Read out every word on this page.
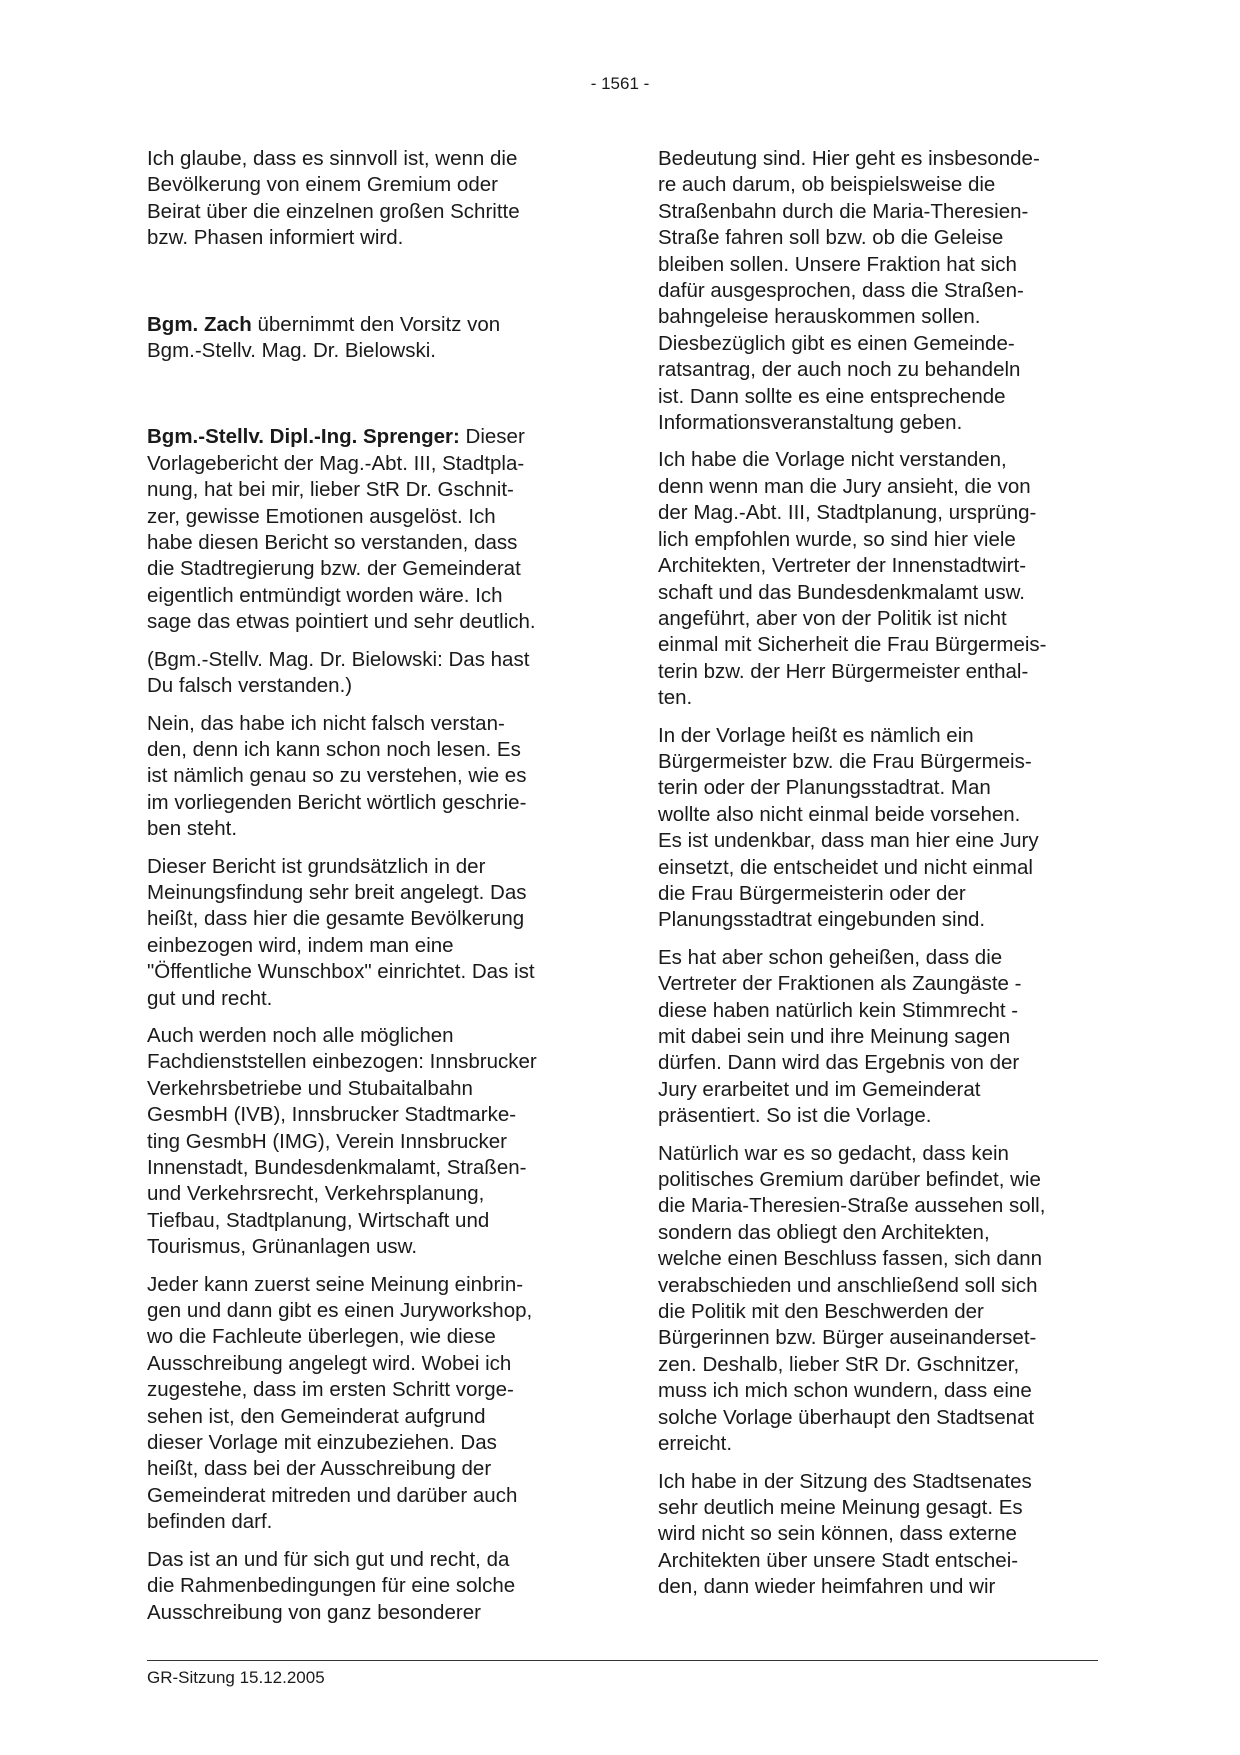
- 1561 -
Ich glaube, dass es sinnvoll ist, wenn die
Bevölkerung von einem Gremium oder
Beirat über die einzelnen großen Schritte
bzw. Phasen informiert wird.
Bgm. Zach übernimmt den Vorsitz von
Bgm.-Stellv. Mag. Dr. Bielowski.
Bgm.-Stellv. Dipl.-Ing. Sprenger: Dieser
Vorlagebericht der Mag.-Abt. III, Stadtpla-
nung, hat bei mir, lieber StR Dr. Gschnit-
zer, gewisse Emotionen ausgelöst. Ich
habe diesen Bericht so verstanden, dass
die Stadtregierung bzw. der Gemeinderat
eigentlich entmündigt worden wäre. Ich
sage das etwas pointiert und sehr deutlich.
(Bgm.-Stellv. Mag. Dr. Bielowski: Das hast
Du falsch verstanden.)
Nein, das habe ich nicht falsch verstan-
den, denn ich kann schon noch lesen. Es
ist nämlich genau so zu verstehen, wie es
im vorliegenden Bericht wörtlich geschrie-
ben steht.
Dieser Bericht ist grundsätzlich in der
Meinungsfindung sehr breit angelegt. Das
heißt, dass hier die gesamte Bevölkerung
einbezogen wird, indem man eine
"Öffentliche Wunschbox" einrichtet. Das ist
gut und recht.
Auch werden noch alle möglichen
Fachdienststellen einbezogen: Innsbrucker
Verkehrsbetriebe und Stubaitalbahn
GesmbH (IVB), Innsbrucker Stadtmarke-
ting GesmbH (IMG), Verein Innsbrucker
Innenstadt, Bundesdenkmalamt, Straßen-
und Verkehrsrecht, Verkehrsplanung,
Tiefbau, Stadtplanung, Wirtschaft und
Tourismus, Grünanlagen usw.
Jeder kann zuerst seine Meinung einbrin-
gen und dann gibt es einen Juryworkshop,
wo die Fachleute überlegen, wie diese
Ausschreibung angelegt wird. Wobei ich
zugestehe, dass im ersten Schritt vorge-
sehen ist, den Gemeinderat aufgrund
dieser Vorlage mit einzubeziehen. Das
heißt, dass bei der Ausschreibung der
Gemeinderat mitreden und darüber auch
befinden darf.
Das ist an und für sich gut und recht, da
die Rahmenbedingungen für eine solche
Ausschreibung von ganz besonderer
Bedeutung sind. Hier geht es insbesonde-
re auch darum, ob beispielsweise die
Straßenbahn durch die Maria-Theresien-
Straße fahren soll bzw. ob die Geleise
bleiben sollen. Unsere Fraktion hat sich
dafür ausgesprochen, dass die Straßen-
bahngeleise herauskommen sollen.
Diesbezüglich gibt es einen Gemeinde-
ratsantrag, der auch noch zu behandeln
ist. Dann sollte es eine entsprechende
Informationsveranstaltung geben.
Ich habe die Vorlage nicht verstanden,
denn wenn man die Jury ansieht, die von
der Mag.-Abt. III, Stadtplanung, ursprüng-
lich empfohlen wurde, so sind hier viele
Architekten, Vertreter der Innenstadtwirt-
schaft und das Bundesdenkmalamt usw.
angeführt, aber von der Politik ist nicht
einmal mit Sicherheit die Frau Bürgermeis-
terin bzw. der Herr Bürgermeister enthal-
ten.
In der Vorlage heißt es nämlich ein
Bürgermeister bzw. die Frau Bürgermeis-
terin oder der Planungsstadtrat. Man
wollte also nicht einmal beide vorsehen.
Es ist undenkbar, dass man hier eine Jury
einsetzt, die entscheidet und nicht einmal
die Frau Bürgermeisterin oder der
Planungsstadtrat eingebunden sind.
Es hat aber schon geheißen, dass die
Vertreter der Fraktionen als Zaungäste -
diese haben natürlich kein Stimmrecht -
mit dabei sein und ihre Meinung sagen
dürfen. Dann wird das Ergebnis von der
Jury erarbeitet und im Gemeinderat
präsentiert. So ist die Vorlage.
Natürlich war es so gedacht, dass kein
politisches Gremium darüber befindet, wie
die Maria-Theresien-Straße aussehen soll,
sondern das obliegt den Architekten,
welche einen Beschluss fassen, sich dann
verabschieden und anschließend soll sich
die Politik mit den Beschwerden der
Bürgerinnen bzw. Bürger auseinanderset-
zen. Deshalb, lieber StR Dr. Gschnitzer,
muss ich mich schon wundern, dass eine
solche Vorlage überhaupt den Stadtsenat
erreicht.
Ich habe in der Sitzung des Stadtsenates
sehr deutlich meine Meinung gesagt. Es
wird nicht so sein können, dass externe
Architekten über unsere Stadt entschei-
den, dann wieder heimfahren und wir
GR-Sitzung 15.12.2005
